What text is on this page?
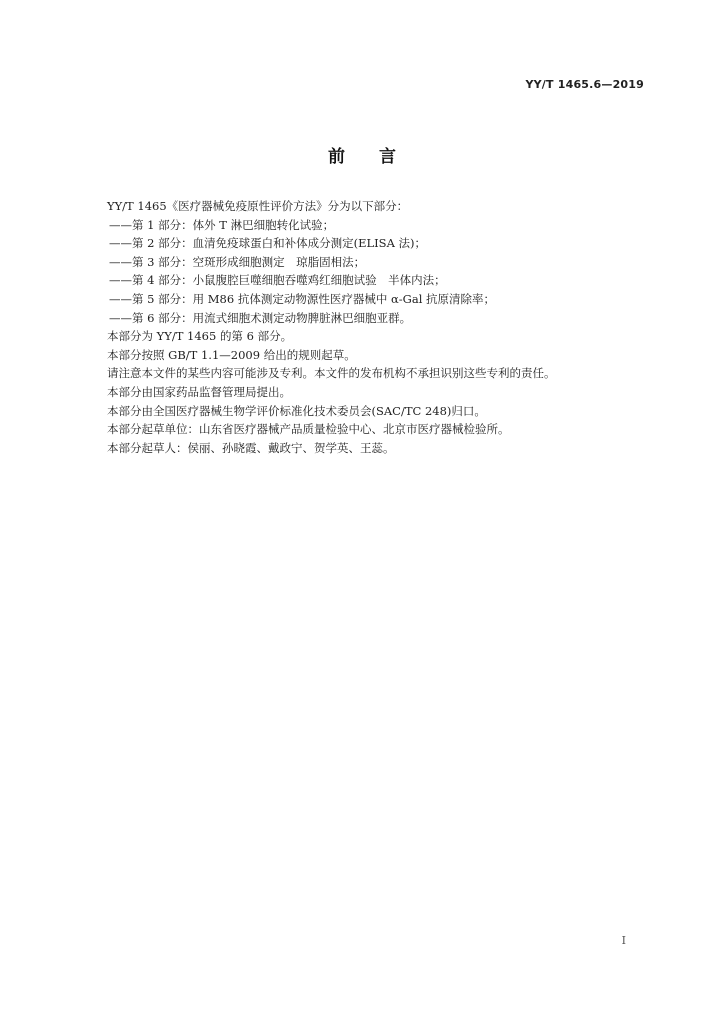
YY/T 1465.6—2019
前言
YY/T 1465《医疗器械免疫原性评价方法》分为以下部分：
——第 1 部分：体外 T 淋巴细胞转化试验；
——第 2 部分：血清免疫球蛋白和补体成分测定(ELISA 法)；
——第 3 部分：空斑形成细胞测定　琼脂固相法；
——第 4 部分：小鼠腹腔巨噬细胞吞噬鸡红细胞试验　半体内法；
——第 5 部分：用 M86 抗体测定动物源性医疗器械中 α-Gal 抗原清除率；
——第 6 部分：用流式细胞术测定动物脾脏淋巴细胞亚群。
本部分为 YY/T 1465 的第 6 部分。
本部分按照 GB/T 1.1—2009 给出的规则起草。
请注意本文件的某些内容可能涉及专利。本文件的发布机构不承担识别这些专利的责任。
本部分由国家药品监督管理局提出。
本部分由全国医疗器械生物学评价标准化技术委员会(SAC/TC 248)归口。
本部分起草单位：山东省医疗器械产品质量检验中心、北京市医疗器械检验所。
本部分起草人：侯丽、孙晓霞、戴政宁、贺学英、王蕊。
I
